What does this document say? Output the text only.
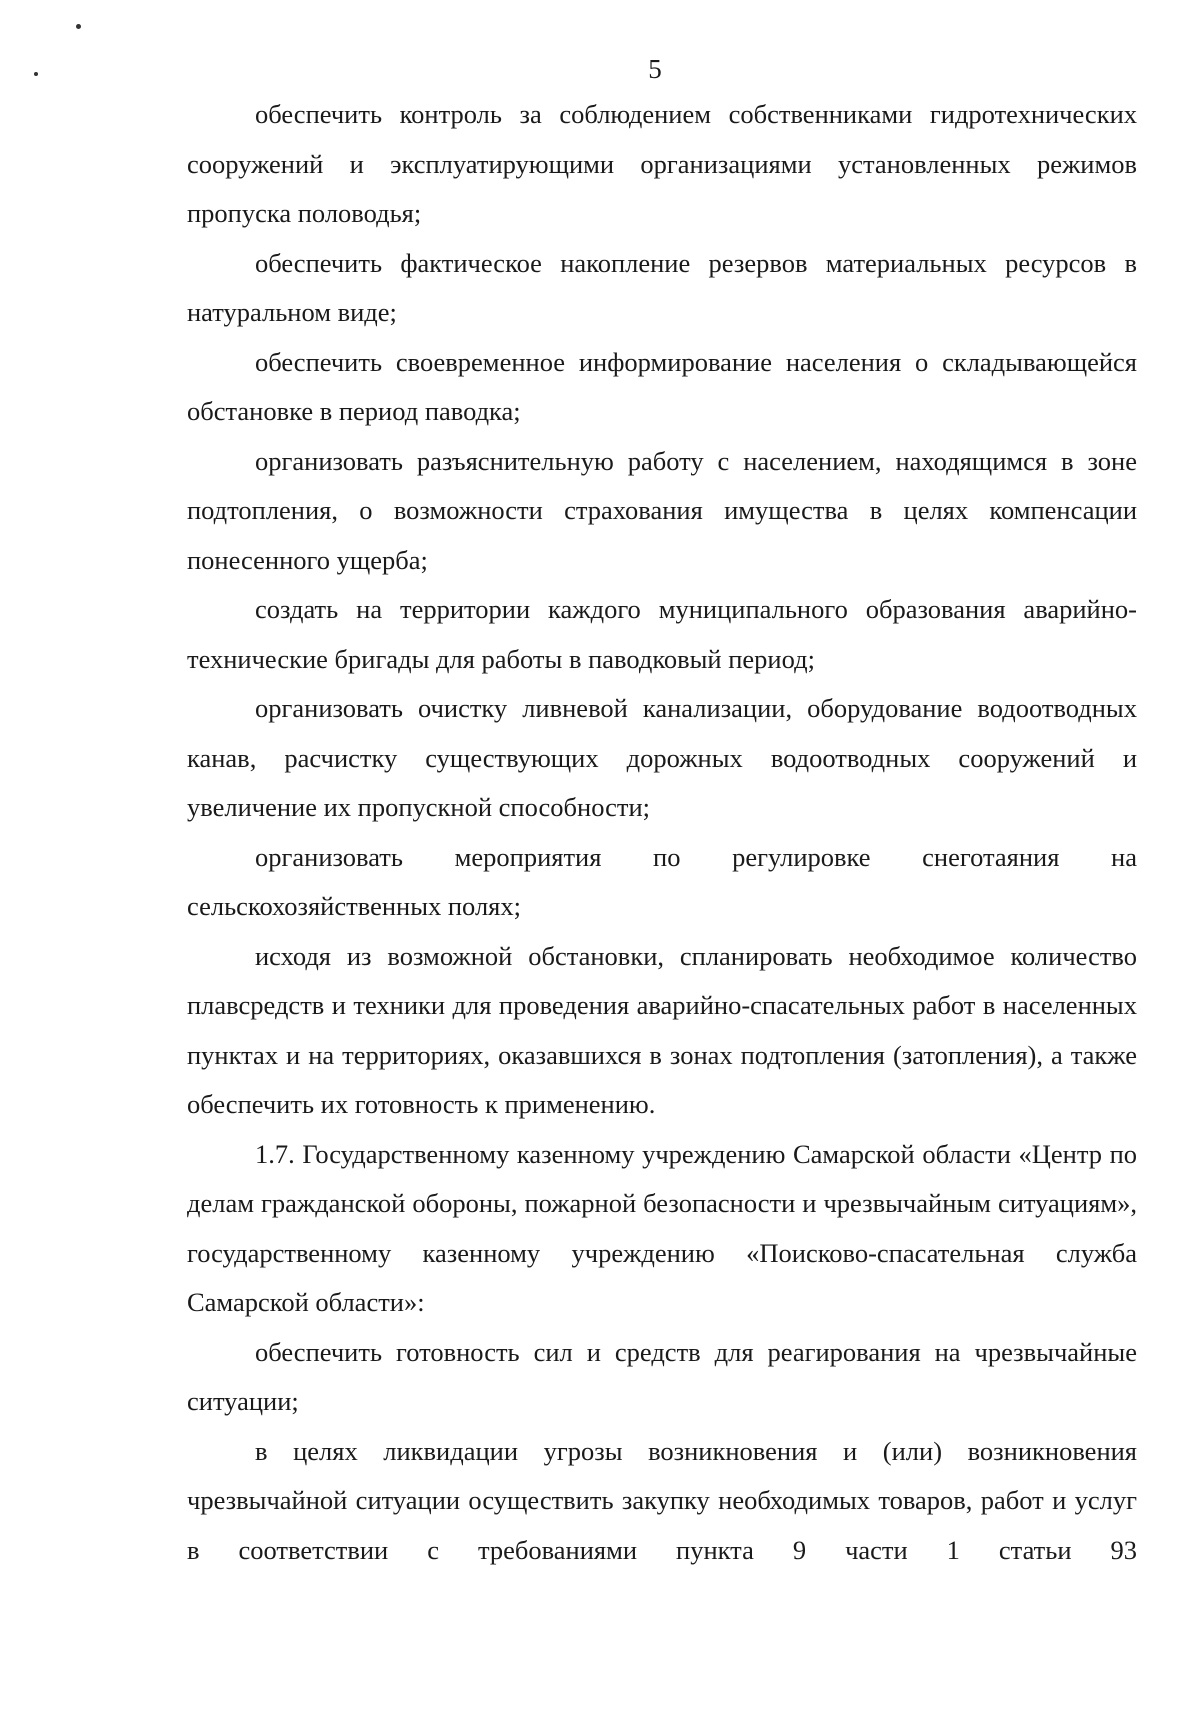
5

обеспечить контроль за соблюдением собственниками гидротехнических сооружений и эксплуатирующими организациями установленных режимов пропуска половодья;

обеспечить фактическое накопление резервов материальных ресурсов в натуральном виде;

обеспечить своевременное информирование населения о складывающейся обстановке в период паводка;

организовать разъяснительную работу с населением, находящимся в зоне подтопления, о возможности страхования имущества в целях компенсации понесенного ущерба;

создать на территории каждого муниципального образования аварийно-технические бригады для работы в паводковый период;

организовать очистку ливневой канализации, оборудование водоотводных канав, расчистку существующих дорожных водоотводных сооружений и увеличение их пропускной способности;

организовать мероприятия по регулировке снеготаяния на сельскохозяйственных полях;

исходя из возможной обстановки, спланировать необходимое количество плавсредств и техники для проведения аварийно-спасательных работ в населенных пунктах и на территориях, оказавшихся в зонах подтопления (затопления), а также обеспечить их готовность к применению.

1.7. Государственному казенному учреждению Самарской области «Центр по делам гражданской обороны, пожарной безопасности и чрезвычайным ситуациям», государственному казенному учреждению «Поисково-спасательная служба Самарской области»:

обеспечить готовность сил и средств для реагирования на чрезвычайные ситуации;

в целях ликвидации угрозы возникновения и (или) возникновения чрезвычайной ситуации осуществить закупку необходимых товаров, работ и услуг в соответствии с требованиями пункта 9 части 1 статьи 93
